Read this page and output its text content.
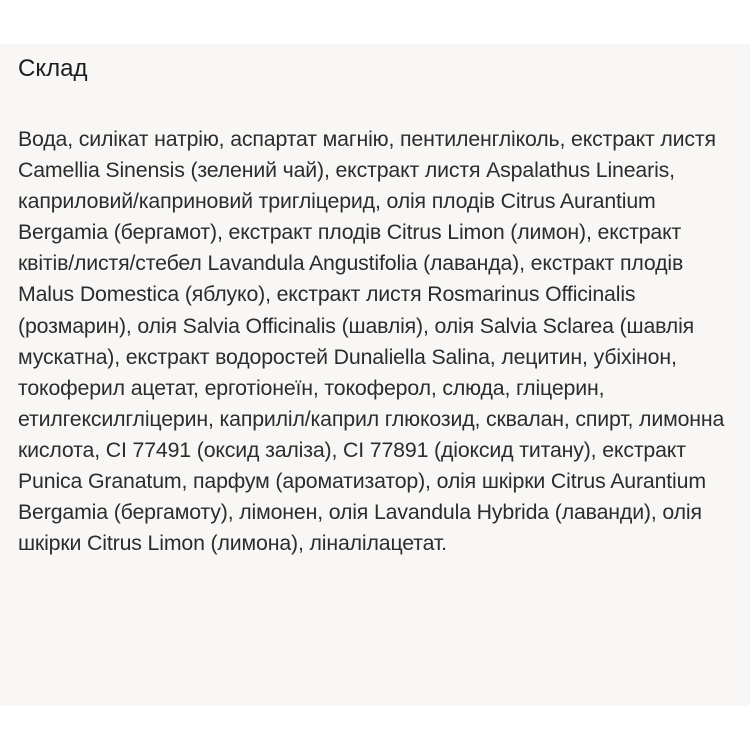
Склад

Вода, силікат натрію, аспартат магнію, пентиленгліколь, екстракт листя Camellia Sinensis (зелений чай), екстракт листя Aspalathus Linearis, каприловий/каприновий тригліцерид, олія плодів Citrus Aurantium Bergamia (бергамот), екстракт плодів Citrus Limon (лимон), екстракт квітів/листя/стебел Lavandula Angustifolia (лаванда), екстракт плодів Malus Domestica (яблуко), екстракт листя Rosmarinus Officinalis (розмарин), олія Salvia Officinalis (шавлія), олія Salvia Sclarea (шавлія мускатна), екстракт водоростей Dunaliella Salina, лецитин, убіхінон, токоферил ацетат, ерготіонеїн, токоферол, слюда, гліцерин, етилгексилгліцерин, каприліл/каприл глюкозид, сквалан, спирт, лимонна кислота, CI 77491 (оксид заліза), CI 77891 (діоксид титану), екстракт Punica Granatum, парфум (ароматизатор), олія шкірки Citrus Aurantium Bergamia (бергамоту), лімонен, олія Lavandula Hybrida (лаванди), олія шкірки Citrus Limon (лимона), ліналілацетат.
